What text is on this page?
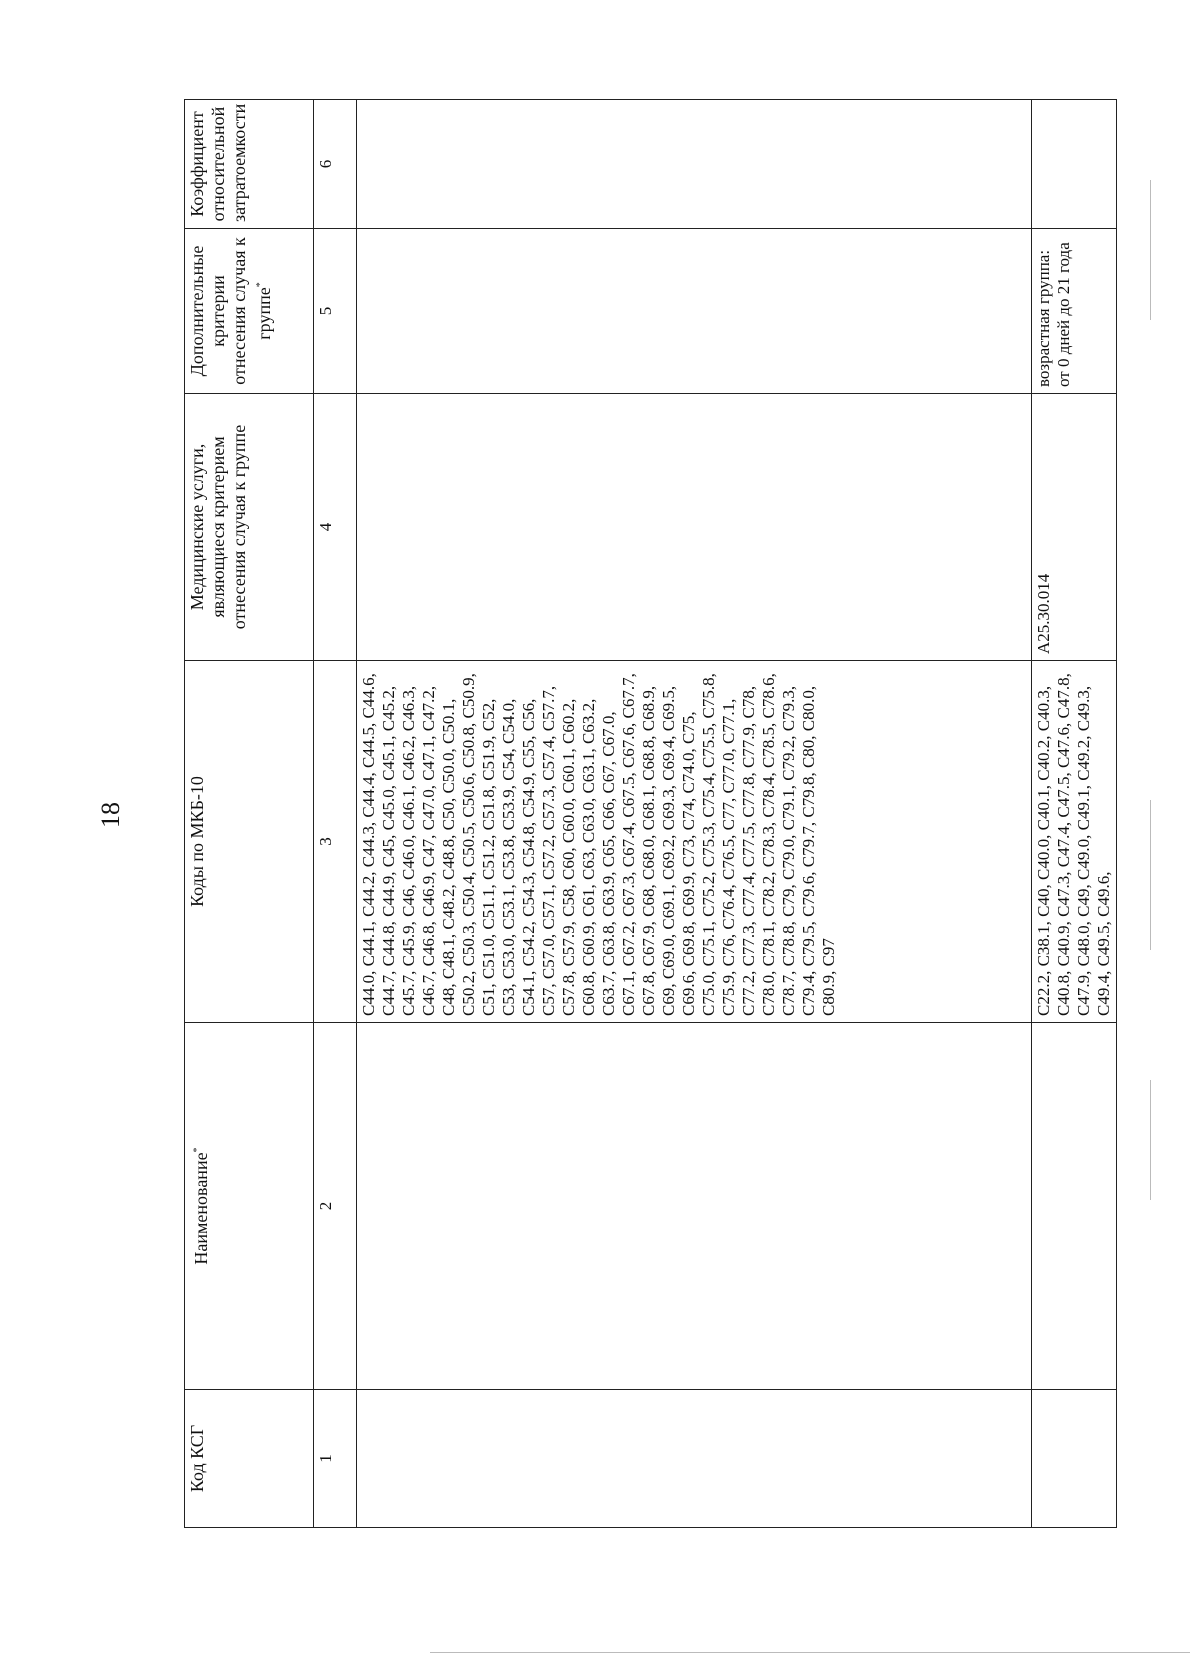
18
Код КСГ	Наименование*	Коды по МКБ-10	Медицинские услуги, являющиеся критерием отнесения случая к группе	Дополнительные критерии отнесения случая к группе*	Коэффициент относительной затратоемкости
1	2	3	4	5	6
		C44.0, C44.1, C44.2, C44.3, C44.4, C44.5, C44.6, C44.7, C44.8, C44.9, C45, C45.0, C45.1, C45.2, C45.7, C45.9, C46, C46.0, C46.1, C46.2, C46.3, C46.7, C46.8, C46.9, C47, C47.0, C47.1, C47.2, C48, C48.1, C48.2, C48.8, C50, C50.0, C50.1, C50.2, C50.3, C50.4, C50.5, C50.6, C50.8, C50.9, C51, C51.0, C51.1, C51.2, C51.8, C51.9, C52, C53, C53.0, C53.1, C53.8, C53.9, C54, C54.0, C54.1, C54.2, C54.3, C54.8, C54.9, C55, C56, C57, C57.0, C57.1, C57.2, C57.3, C57.4, C57.7, C57.8, C57.9, C58, C60, C60.0, C60.1, C60.2, C60.8, C60.9, C61, C63, C63.0, C63.1, C63.2, C63.7, C63.8, C63.9, C65, C66, C67, C67.0, C67.1, C67.2, C67.3, C67.4, C67.5, C67.6, C67.7, C67.8, C67.9, C68, C68.0, C68.1, C68.8, C68.9, C69, C69.0, C69.1, C69.2, C69.3, C69.4, C69.5, C69.6, C69.8, C69.9, C73, C74, C74.0, C75, C75.0, C75.1, C75.2, C75.3, C75.4, C75.5, C75.8, C75.9, C76, C76.4, C76.5, C77, C77.0, C77.1, C77.2, C77.3, C77.4, C77.5, C77.8, C77.9, C78, C78.0, C78.1, C78.2, C78.3, C78.4, C78.5, C78.6, C78.7, C78.8, C79, C79.0, C79.1, C79.2, C79.3, C79.4, C79.5, C79.6, C79.7, C79.8, C80, C80.0, C80.9, C97			
		C22.2, C38.1, C40, C40.0, C40.1, C40.2, C40.3, C40.8, C40.9, C47.3, C47.4, C47.5, C47.6, C47.8, C47.9, C48.0, C49, C49.0, C49.1, C49.2, C49.3, C49.4, C49.5, C49.6,	A25.30.014	возрастная группа: от 0 дней до 21 года	
